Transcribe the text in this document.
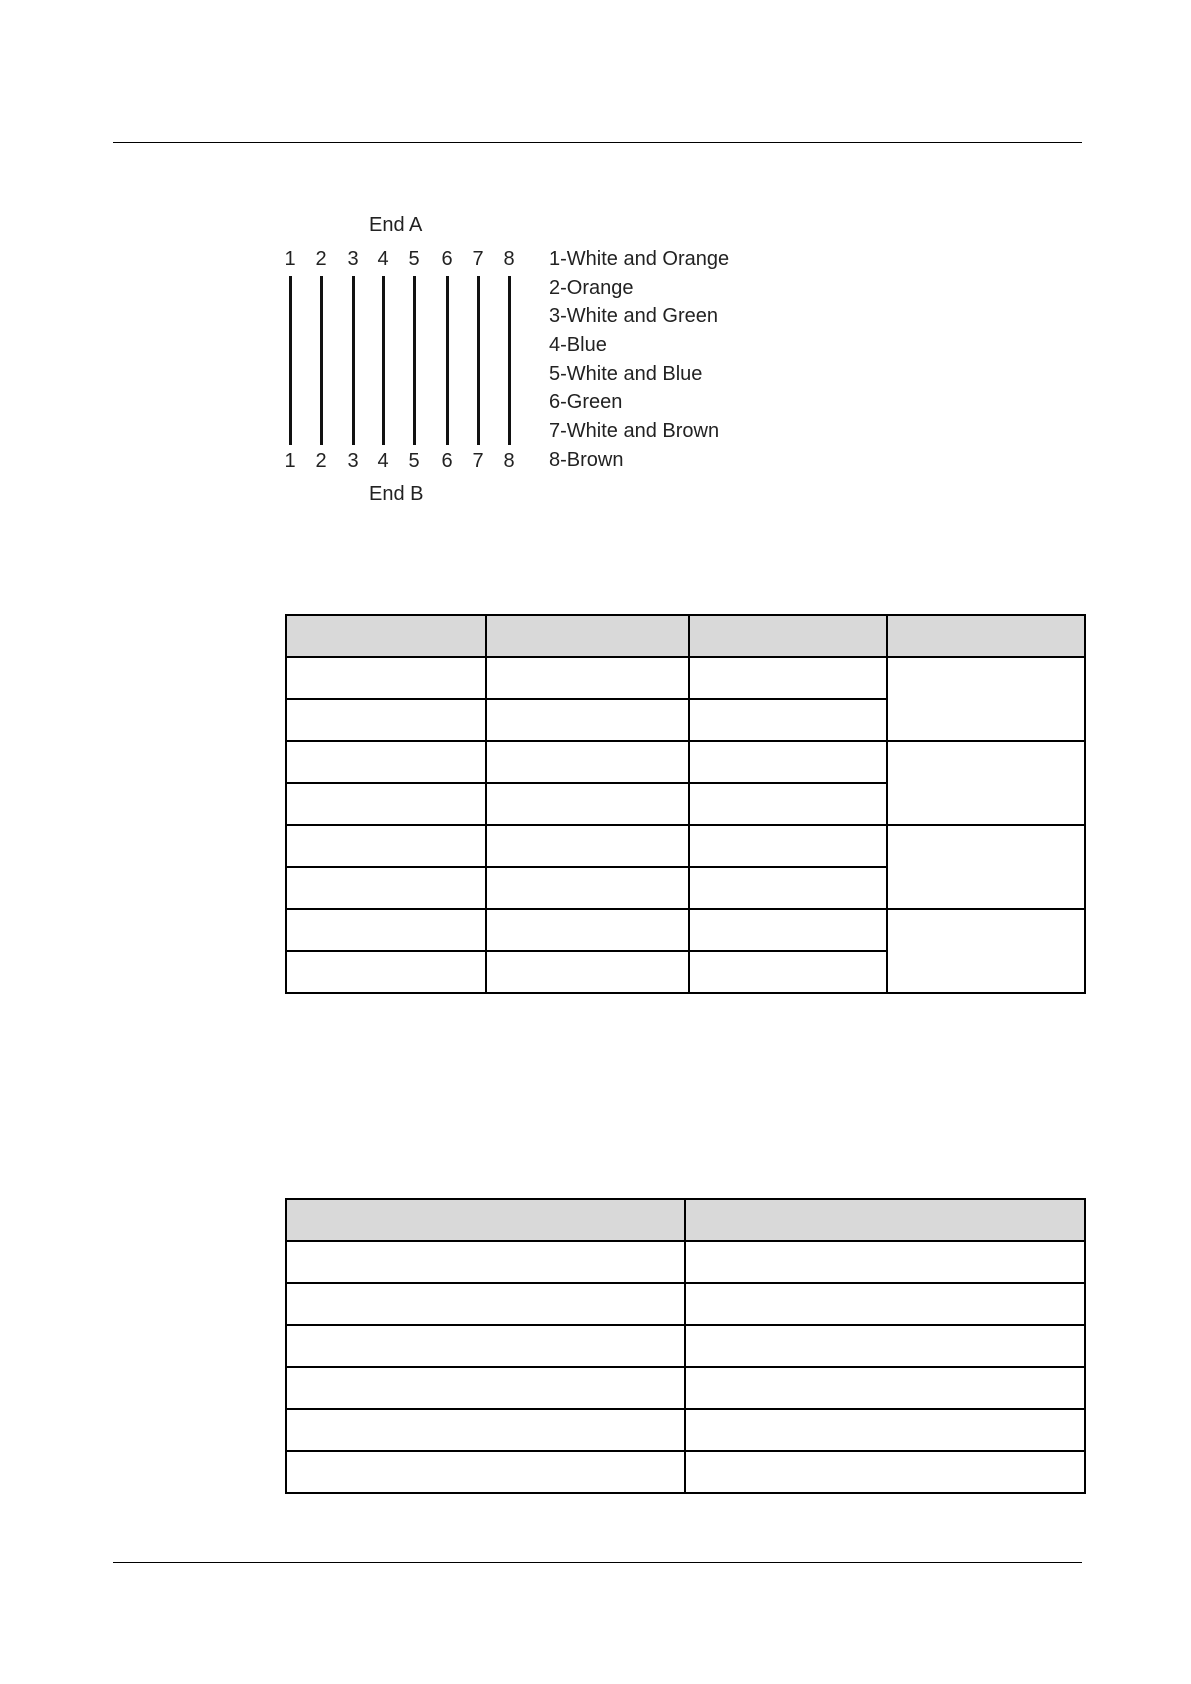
End A
1 2 3 4 5 6 7 8
1 2 3 4 5 6 7 8
End B
1-White and Orange
2-Orange
3-White and Green
4-Blue
5-White and Blue
6-Green
7-White and Brown
8-Brown
